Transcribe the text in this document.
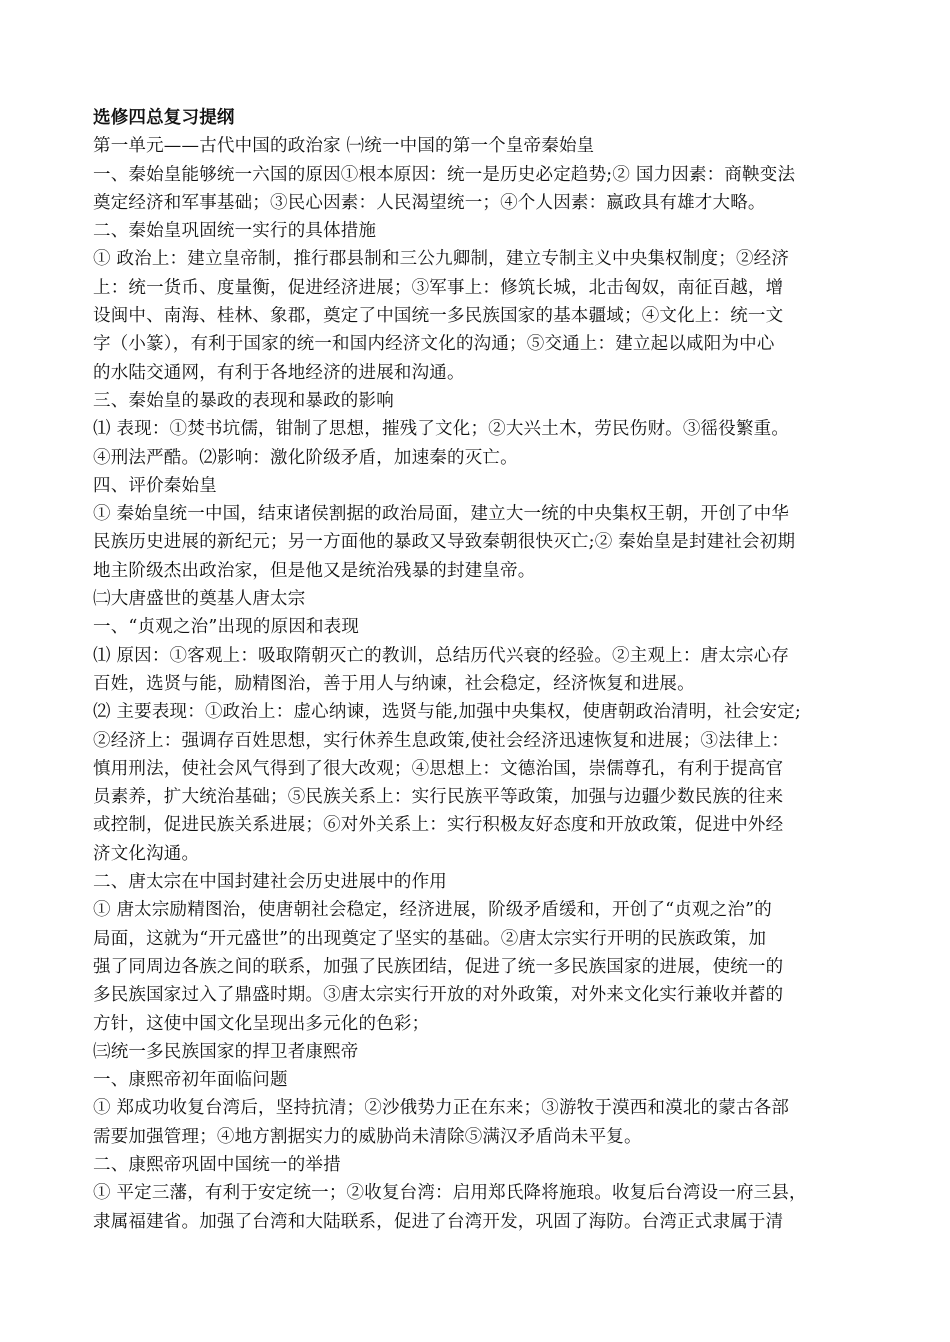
选修四总复习提纲
第一单元——古代中国的政治家 ㈠统一中国的第一个皇帝秦始皇
一、秦始皇能够统一六国的原因①根本原因：统一是历史必定趋势;② 国力因素：商鞅变法
奠定经济和军事基础；③民心因素：人民渴望统一；④个人因素：嬴政具有雄才大略。
二、秦始皇巩固统一实行的具体措施
① 政治上：建立皇帝制，推行郡县制和三公九卿制，建立专制主义中央集权制度；②经济
上：统一货币、度量衡，促进经济进展；③军事上：修筑长城，北击匈奴，南征百越，增
设闽中、南海、桂林、象郡，奠定了中国统一多民族国家的基本疆域；④文化上：统一文
字（小篆），有利于国家的统一和国内经济文化的沟通；⑤交通上：建立起以咸阳为中心
的水陆交通网，有利于各地经济的进展和沟通。
三、秦始皇的暴政的表现和暴政的影响
⑴ 表现：①焚书坑儒，钳制了思想，摧残了文化；②大兴土木，劳民伤财。③徭役繁重。
④刑法严酷。⑵影响：激化阶级矛盾，加速秦的灭亡。
四、评价秦始皇
① 秦始皇统一中国，结束诸侯割据的政治局面，建立大一统的中央集权王朝，开创了中华
民族历史进展的新纪元；另一方面他的暴政又导致秦朝很快灭亡;② 秦始皇是封建社会初期
地主阶级杰出政治家，但是他又是统治残暴的封建皇帝。
㈡大唐盛世的奠基人唐太宗
一、“贞观之治”出现的原因和表现
⑴ 原因：①客观上：吸取隋朝灭亡的教训，总结历代兴衰的经验。②主观上：唐太宗心存
百姓，选贤与能，励精图治，善于用人与纳谏，社会稳定，经济恢复和进展。
⑵ 主要表现：①政治上：虚心纳谏，选贤与能,加强中央集权，使唐朝政治清明，社会安定;
②经济上：强调存百姓思想，实行休养生息政策,使社会经济迅速恢复和进展；③法律上：
慎用刑法，使社会风气得到了很大改观；④思想上：文德治国，崇儒尊孔，有利于提高官
员素养，扩大统治基础；⑤民族关系上：实行民族平等政策，加强与边疆少数民族的往来
或控制，促进民族关系进展；⑥对外关系上：实行积极友好态度和开放政策，促进中外经
济文化沟通。
二、唐太宗在中国封建社会历史进展中的作用
① 唐太宗励精图治，使唐朝社会稳定，经济进展，阶级矛盾缓和，开创了“贞观之治”的
局面，这就为“开元盛世”的出现奠定了坚实的基础。②唐太宗实行开明的民族政策，加
强了同周边各族之间的联系，加强了民族团结，促进了统一多民族国家的进展，使统一的
多民族国家过入了鼎盛时期。③唐太宗实行开放的对外政策，对外来文化实行兼收并蓄的
方针，这使中国文化呈现出多元化的色彩；
㈢统一多民族国家的捍卫者康熙帝
一、康熙帝初年面临问题
① 郑成功收复台湾后，坚持抗清；②沙俄势力正在东来；③游牧于漠西和漠北的蒙古各部
需要加强管理；④地方割据实力的威胁尚未清除⑤满汉矛盾尚未平复。
二、康熙帝巩固中国统一的举措
① 平定三藩，有利于安定统一；②收复台湾：启用郑氏降将施琅。收复后台湾设一府三县，
隶属福建省。加强了台湾和大陆联系，促进了台湾开发，巩固了海防。台湾正式隶属于清
